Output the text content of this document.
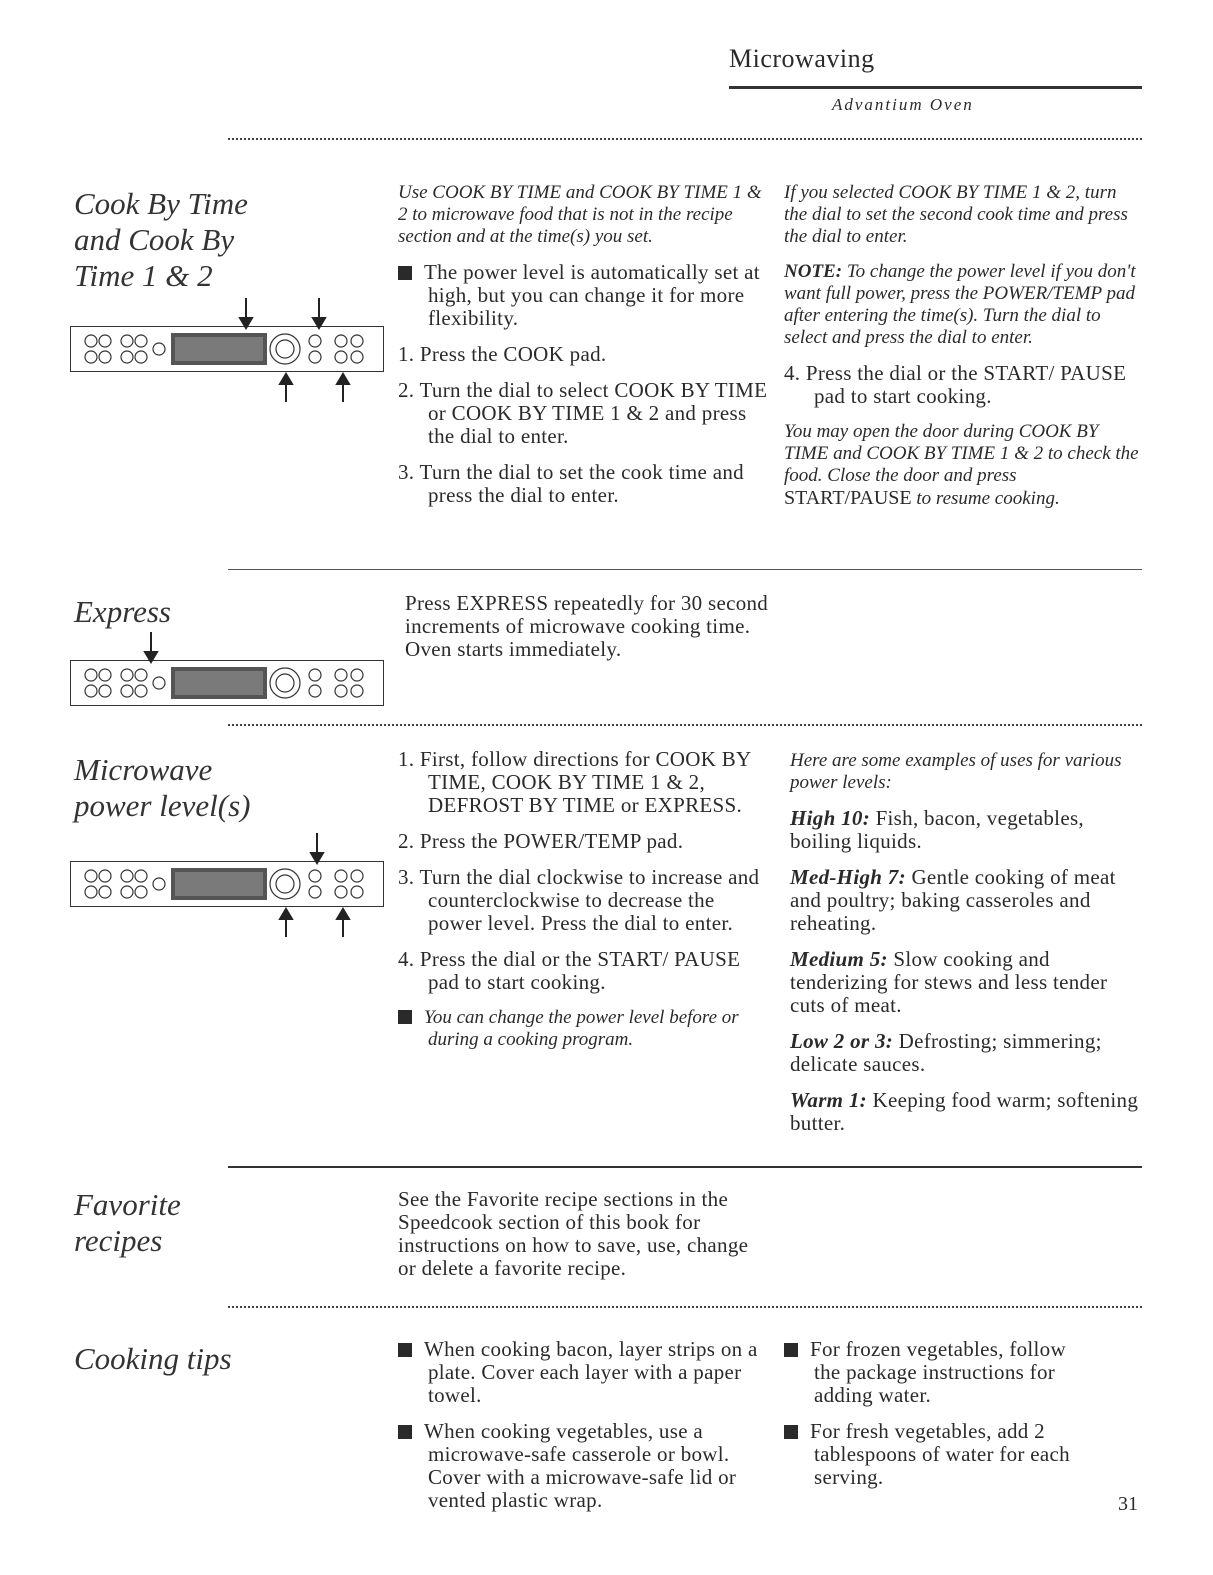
Microwaving
Advantium Oven
Cook By Time
and Cook By
Time 1 & 2

Use COOK BY TIME and COOK BY TIME 1 & 2 to microwave food that is not in the recipe section and at the time(s) you set.

The power level is automatically set at high, but you can change it for more flexibility.

1. Press the COOK pad.

2. Turn the dial to select COOK BY TIME or COOK BY TIME 1 & 2 and press the dial to enter.

3. Turn the dial to set the cook time and press the dial to enter.

If you selected COOK BY TIME 1 & 2, turn the dial to set the second cook time and press the dial to enter.

NOTE: To change the power level if you don't want full power, press the POWER/TEMP pad after entering the time(s). Turn the dial to select and press the dial to enter.

4. Press the dial or the START/ PAUSE pad to start cooking.

You may open the door during COOK BY TIME and COOK BY TIME 1 & 2 to check the food. Close the door and press START/PAUSE to resume cooking.

Express	Press EXPRESS repeatedly for 30 second increments of microwave cooking time. Oven starts immediately.
Microwave
power level(s)

1. First, follow directions for COOK BY TIME, COOK BY TIME 1 & 2, DEFROST BY TIME or EXPRESS.

2. Press the POWER/TEMP pad.

3. Turn the dial clockwise to increase and counterclockwise to decrease the power level. Press the dial to enter.

4. Press the dial or the START/ PAUSE pad to start cooking.

You can change the power level before or during a cooking program.

Here are some examples of uses for various power levels:

High 10: Fish, bacon, vegetables, boiling liquids.

Med-High 7: Gentle cooking of meat and poultry; baking casseroles and reheating.

Medium 5: Slow cooking and tenderizing for stews and less tender cuts of meat.

Low 2 or 3: Defrosting; simmering; delicate sauces.

Warm 1: Keeping food warm; softening butter.

Favorite
recipes
See the Favorite recipe sections in the Speedcook section of this book for instructions on how to save, use, change or delete a favorite recipe.
Cooking tips	When cooking bacon, layer strips on a plate. Cover each layer with a paper towel.

When cooking vegetables, use a microwave-safe casserole or bowl. Cover with a microwave-safe lid or vented plastic wrap.

For frozen vegetables, follow the package instructions for adding water.

For fresh vegetables, add 2 tablespoons of water for each serving.

31
